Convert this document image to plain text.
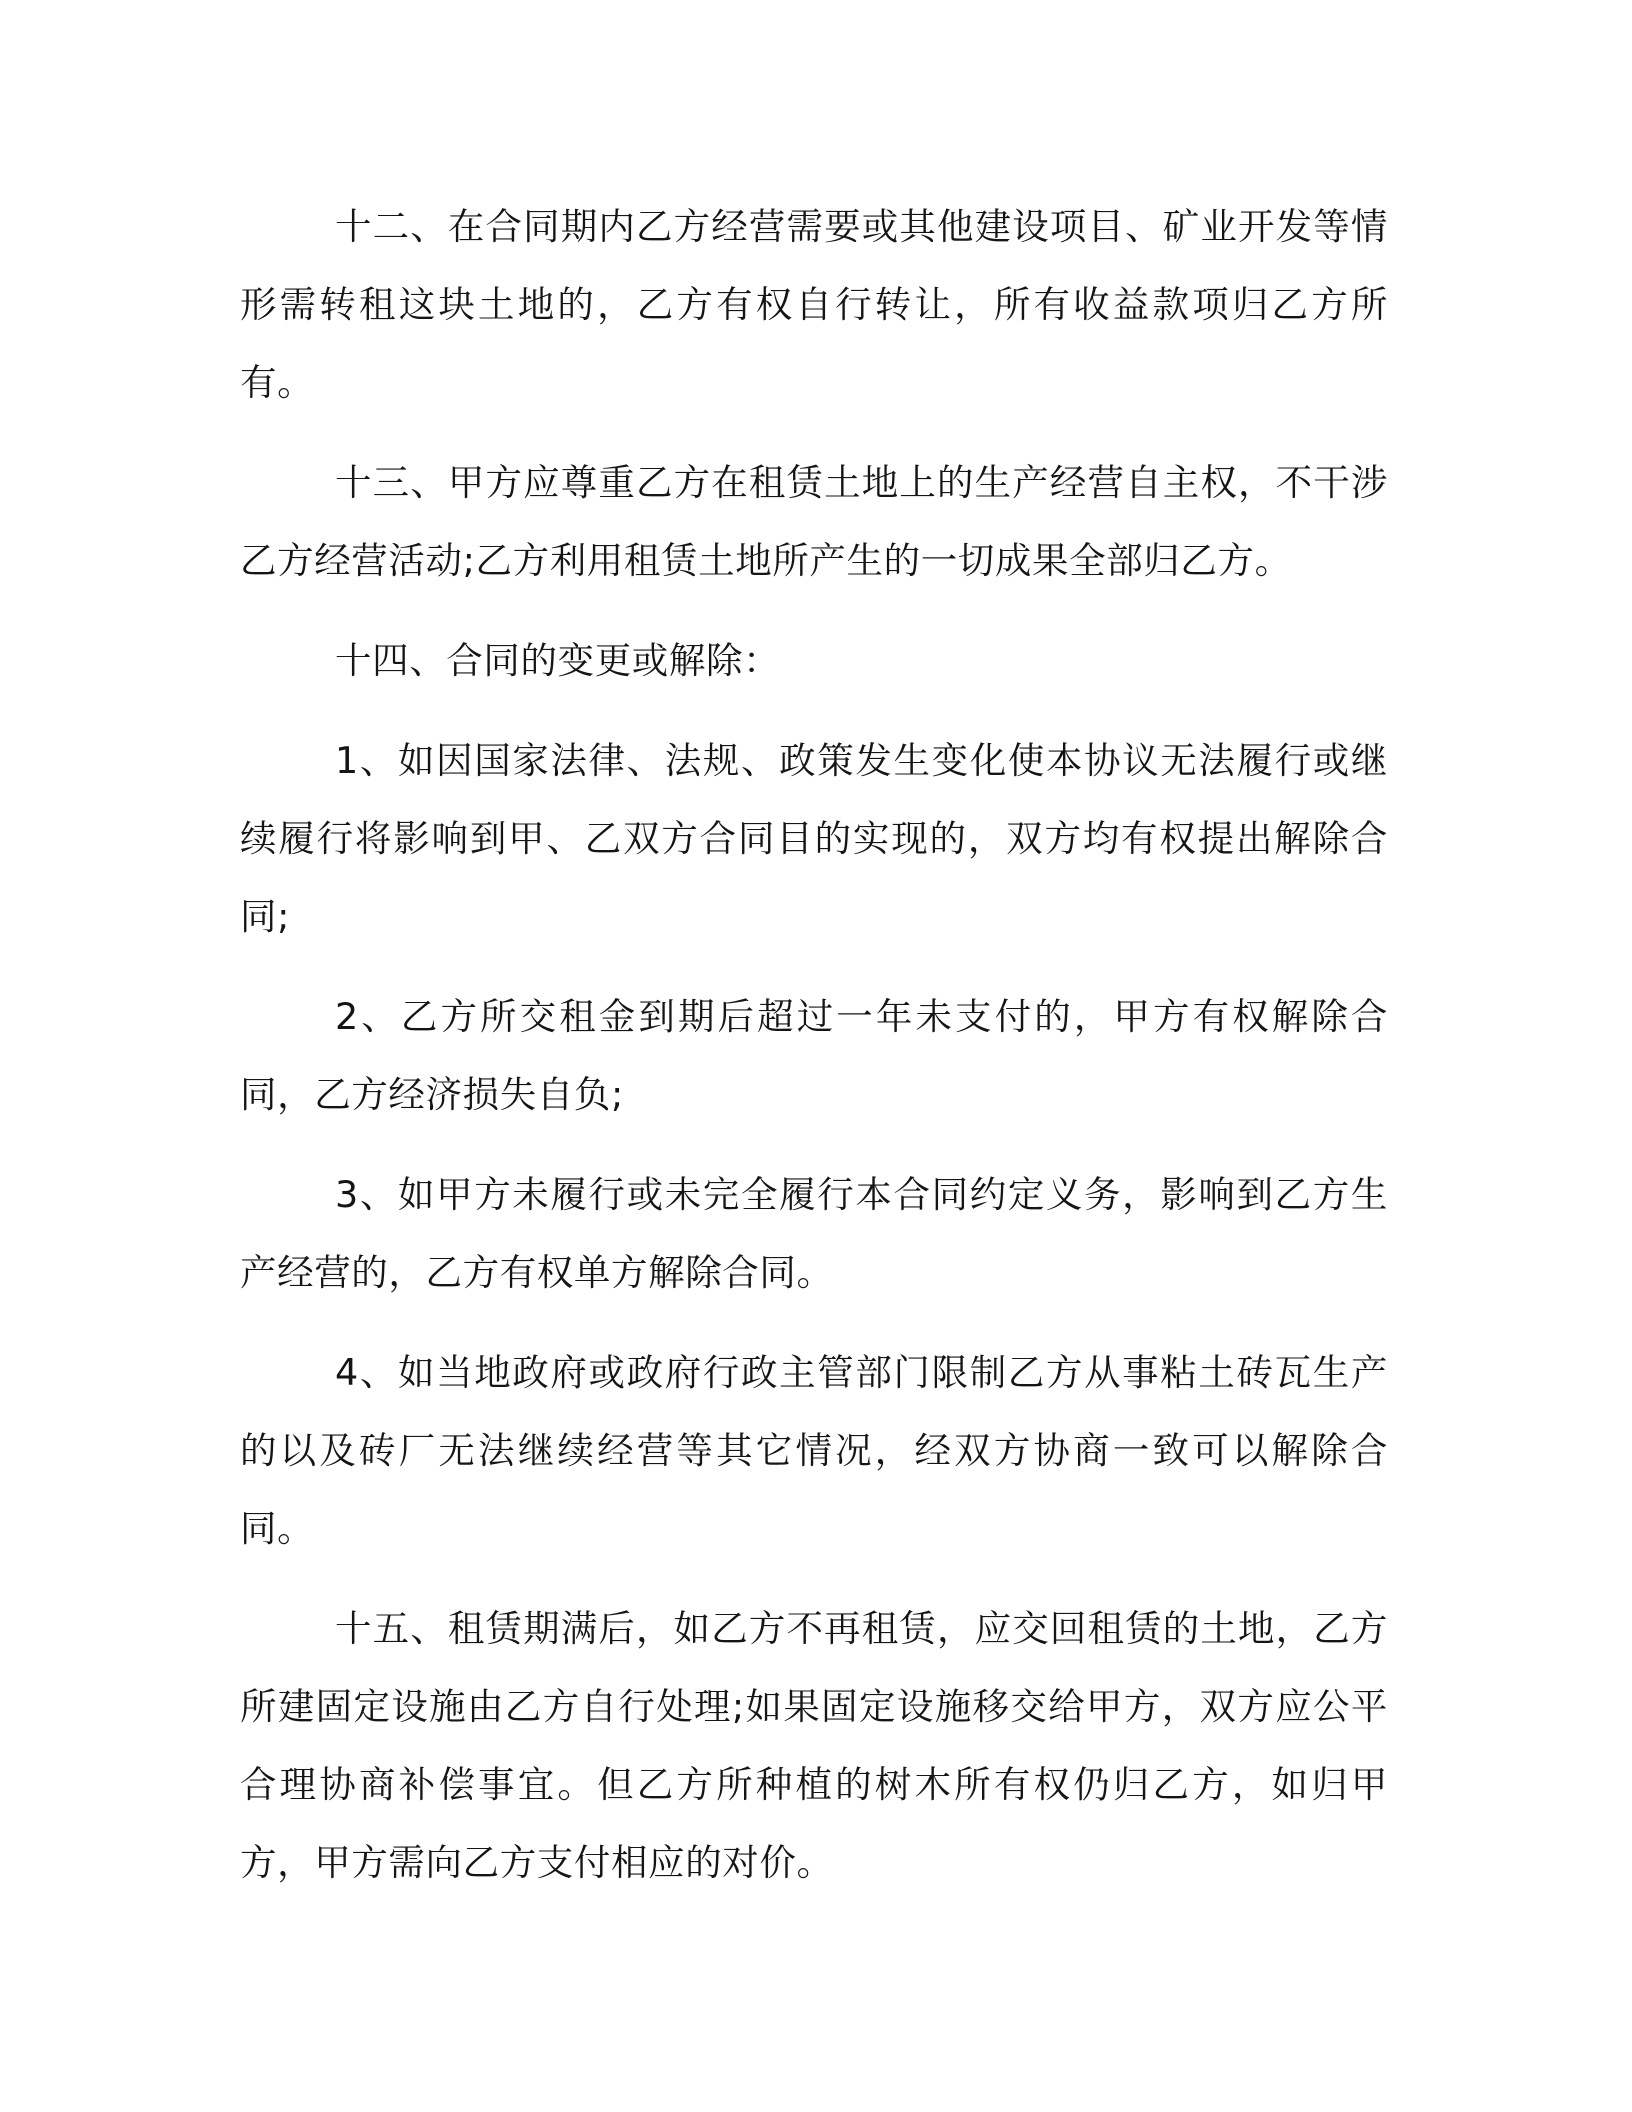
十二、在合同期内乙方经营需要或其他建设项目、矿业开发等情形需转租这块土地的，乙方有权自行转让，所有收益款项归乙方所有。

十三、甲方应尊重乙方在租赁土地上的生产经营自主权，不干涉乙方经营活动;乙方利用租赁土地所产生的一切成果全部归乙方。

十四、合同的变更或解除：

1、如因国家法律、法规、政策发生变化使本协议无法履行或继续履行将影响到甲、乙双方合同目的实现的，双方均有权提出解除合同;

2、乙方所交租金到期后超过一年未支付的，甲方有权解除合同，乙方经济损失自负;

3、如甲方未履行或未完全履行本合同约定义务，影响到乙方生产经营的，乙方有权单方解除合同。

4、如当地政府或政府行政主管部门限制乙方从事粘土砖瓦生产的以及砖厂无法继续经营等其它情况，经双方协商一致可以解除合同。

十五、租赁期满后，如乙方不再租赁，应交回租赁的土地，乙方所建固定设施由乙方自行处理;如果固定设施移交给甲方，双方应公平合理协商补偿事宜。但乙方所种植的树木所有权仍归乙方，如归甲方，甲方需向乙方支付相应的对价。
